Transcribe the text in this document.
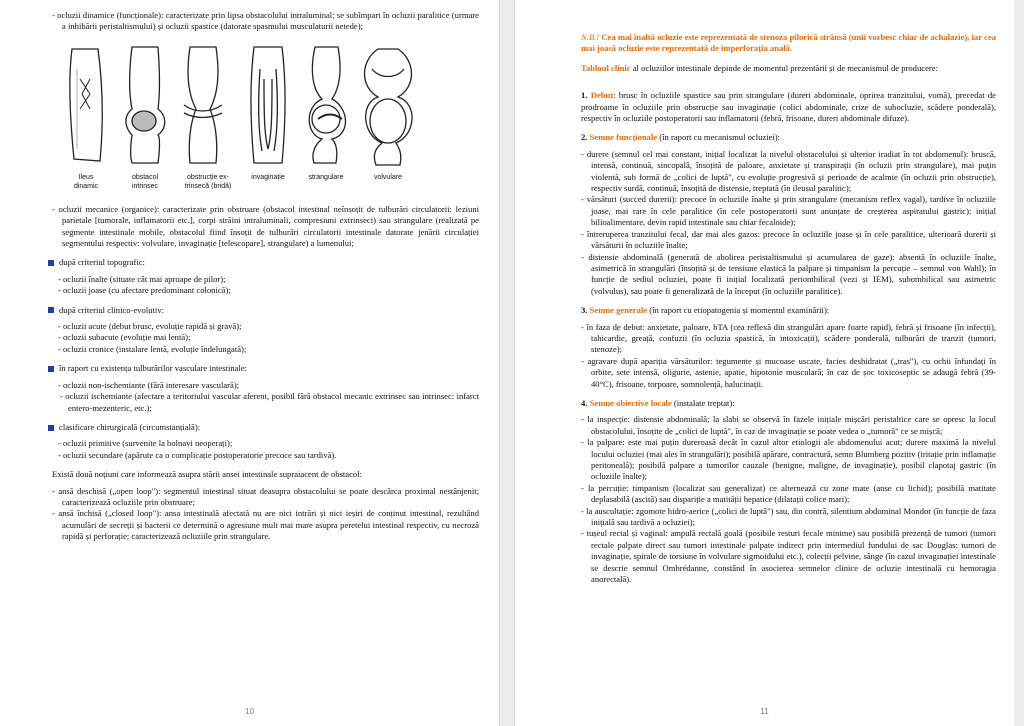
- ocluzii dinamice (funcționale): caracterizate prin lipsa obstacolului intraluminal; se subîmpart în ocluzii paralitice (urmare a inhibării peristaltismului) și ocluzii spastice (datorate spasmului musculaturii netede);

Ileus
dinamic
obstacol
intrinsec
obstrucție ex-
trinsecă (bridă)
invaginație	strangulare	volvulare

- ocluzii mecanice (organice): caracterizate prin obstruare (obstacol intestinal neînsoțit de tulburări circulatorii: leziuni parietale [tumorale, inflamatorii etc.], corpi străini intraluminali, compresiuni extrinseci) sau strangulare (realizată pe segmente intestinale mobile, obstacolul fiind însoțit de tulburări circulatorii intestinale datorate jenării circulației segmentului respectiv: volvulare, invaginație [telescopare], strangulare) a lumenului;

după criteriul topografic:

- ocluzii înalte (situate cât mai aproape de pilor);

- ocluzii joase (cu afectare predominant colonică);

după criteriul clinico-evolutiv:

- ocluzii acute (debut brusc, evoluție rapidă și gravă);

- ocluzii subacute (evoluție mai lentă);

- ocluzii cronice (instalare lentă, evoluție îndelungată);

în raport cu existența tulburărilor vasculare intestinale:

- ocluzii non-ischemiante (fără interesare vasculară);

- ocluzii ischemiante (afectare a teritoriului vascular aferent, posibil fără obstacol mecanic extrinsec sau intrinsec: infarct entero-mezenteric, etc.);

clasificare chirurgicală (circumstanțială):

- ocluzii primitive (survenite la bolnavi neoperați);

- ocluzii secundare (apărute ca o complicație postoperatorie precoce sau tardivă).

Există două noțiuni care informează asupra stării ansei intestinale supraiacent de obstacol:

- ansă deschisă („open loop"): segmentul intestinal situat deasupra obstacolului se poate descărca proximal nestânjenit; caracterizează ocluziile prin obstruare;

- ansă închisă („closed loop"): ansa intestinală afectată nu are nici intrări și nici ieșiri de conținut intestinal, rezultând acumulări de secreții și bacterii ce determină o agresiune mult mai mare asupra peretelui intestinal respectiv, cu necroză rapidă și perforație; caracterizează ocluziile prin strangulare.

10

N.B.! Cea mai înaltă ocluzie este reprezentată de stenoza pilorică strânsă (unii vorbesc chiar de achalazie), iar cea mai joasă ocluzie este reprezentată de imperforația anală.

Tabloul clinic al ocluziilor intestinale depinde de momentul prezentării și de mecanismul de producere:

1. Debut: brusc în ocluziile spastice sau prin strangulare (dureri abdominale, oprirea tranzitului, vomă), precedat de prodroame în ocluziile prin obstrucție sau invaginație (colici abdominale, crize de subocluzie, scădere ponderală), respectiv în ocluziile postoperatorii sau inflamatorii (febră, frisoane, dureri abdominale difuze).

2. Semne funcționale (în raport cu mecanismul ocluziei):

- durere (semnul cel mai constant, inițial localizat la nivelul obstacolului și ulterior iradiat în tot abdomenul): bruscă, intensă, continuă, sincopală, însoțită de paloare, anxietate și transpirații (în ocluzii prin strangulare), mai puțin violentă, sub formă de „colici de luptă", cu evoluție progresivă și perioade de acalmie (în ocluzii prin obstrucție), respectiv surdă, continuă, însoțită de distensie, treptată (în ileusul paralitic);

- vărsături (succed durerii): precoce în ocluziile înalte și prin strangulare (mecanism reflex vagal), tardive în ocluziile joase, mai rare în cele paralitice (în cele postoperatorii sunt anunțate de creșterea aspiratului gastric); inițial bilioalimentare, devin rapid intestinale sau chiar fecaloide);

- întreruperea tranzitului fecal, dar mai ales gazos: precoce în ocluziile joase și în cele paralitice, ulterioară durerii și vărsăturii în ocluziile înalte;

- distensie abdominală (generată de abolirea peristaltismului și acumularea de gaze): absentă în ocluziile înalte, asimetrică în strangulări (însoțită și de tensiune elastică la palpare și timpanism la percuție – semnul von Wahl); în funcție de sediul ocluziei, poate fi inițial localizată periombilical (vezi și IEM), subombilical sau asimetric (volvulus), sau poate fi generalizată de la început (în ocluziile paralitice).

3. Semne generale (în raport cu etiopatogenia și momentul examinării):

- în faza de debut: anxietate, paloare, hTA (cea reflexă din strangulări apare foarte rapid), febră și frisoane (în infecții), tahicardie, greață, confuzii (în ocluzia spastică, în intoxicații), scădere ponderală, tulburări de tranzit (tumori, stenoze);

- agravare după apariția vărsăturilor: tegumente și mucoase uscate, facies deshidratat („tras"), cu ochii înfundați în orbite, sete intensă, oligurie, astenie, apatie, hipotonie musculară; în caz de șoc toxicoseptic se adaugă febră (39-40°C), frisoane, torpoare, somnolență, halucinații.

4. Semne obiective locale (instalate treptat):

- la inspecție: distensie abdominală; la slabi se observă în fazele inițiale mișcări peristaltice care se opresc la locul obstacolului, însoțite de „colici de luptă", în caz de invaginație se poate vedea o „tumoră" ce se mișcă;

- la palpare: este mai puțin dureroasă decât în cazul altor etiologii ale abdomenului acut; durere maximă la nivelul locului ocluziei (mai ales în strangulări); posibilă apărare, contractură, semn Blumberg pozitiv (iritație prin inflamație peritoneală); posibilă palpare a tumorilor cauzale (benigne, maligne, de invaginație), posibil clapotaj gastric (în ocluziile înalte);

- la percuție: timpanism (localizat sau generalizat) ce alternează cu zone mate (anse cu lichid); posibilă matitate deplasabilă (ascită) sau dispariție a matității hepatice (dilatații colice mari);

- la auscultație: zgomote hidro-aerice („colici de luptă") sau, din contră, silentium abdominal Mondor (în funcție de faza inițială sau tardivă a ocluziei);

- tușeul rectal și vaginal: ampulă rectală goală (posibile resturi fecale minime) sau posibilă prezență de tumori (tumori rectale palpate direct sau tumori intestinale palpate indirect prin intermediul fundului de sac Douglas: tumori de invaginație, spirale de torsiune în volvulare sigmoidului etc.), colecții pelvine, sânge (în cazul invaginației intestinale se descrie semnul Ombrédanne, constând în asocierea semnelor clinice de ocluzie intestinală cu hemoragia anorectală).

11
